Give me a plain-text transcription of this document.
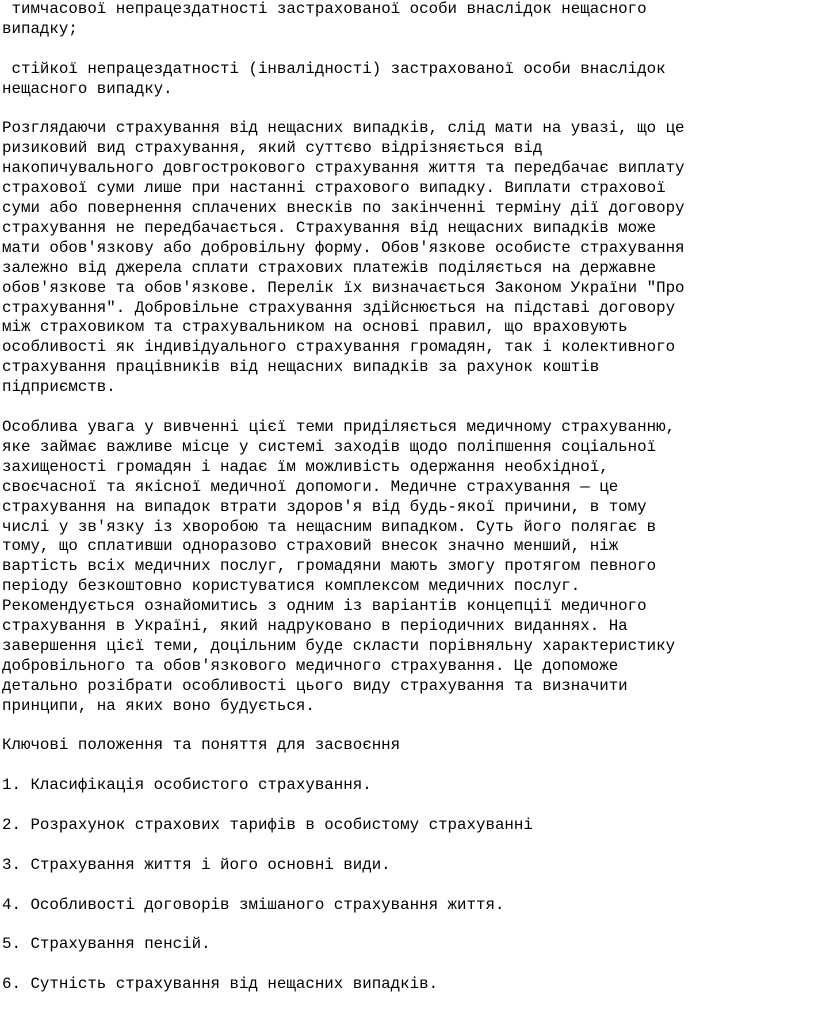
тимчасової непрацездатності застрахованої особи внаслідок нещасного
випадку;

стійкої непрацездатності (інвалідності) застрахованої особи внаслідок
нещасного випадку.

Розглядаючи страхування від нещасних випадків, слід мати на увазі, що це
ризиковий вид страхування, який суттєво відрізняється від
накопичувального довгострокового страхування життя та передбачає виплату
страхової суми лише при настанні страхового випадку. Виплати страхової
суми або повернення сплачених внесків по закінченні терміну дії договору
страхування не передбачається. Страхування від нещасних випадків може
мати обов'язкову або добровільну форму. Обов'язкове особисте страхування
залежно від джерела сплати страхових платежів поділяється на державне
обов'язкове та обов'язкове. Перелік їх визначається Законом України "Про
страхування". Добровільне страхування здійснюється на підставі договору
між страховиком та страхувальником на основі правил, що враховують
особливості як індивідуального страхування громадян, так і колективного
страхування працівників від нещасних випадків за рахунок коштів
підприємств.

Особлива увага у вивченні цієї теми приділяється медичному страхуванню,
яке займає важливе місце у системі заходів щодо поліпшення соціальної
захищеності громадян і надає їм можливість одержання необхідної,
своєчасної та якісної медичної допомоги. Медичне страхування — це
страхування на випадок втрати здоров'я від будь-якої причини, в тому
числі у зв'язку із хворобою та нещасним випадком. Суть його полягає в
тому, що сплативши одноразово страховий внесок значно менший, ніж
вартість всіх медичних послуг, громадяни мають змогу протягом певного
періоду безкоштовно користуватися комплексом медичних послуг.
Рекомендується ознайомитись з одним із варіантів концепції медичного
страхування в Україні, який надруковано в періодичних виданнях. На
завершення цієї теми, доцільним буде скласти порівняльну характеристику
добровільного та обов'язкового медичного страхування. Це допоможе
детально розібрати особливості цього виду страхування та визначити
принципи, на яких воно будується.

Ключові положення та поняття для засвоєння

1. Класифікація особистого страхування.

2. Розрахунок страхових тарифів в особистому страхуванні

3. Страхування життя і його основні види.

4. Особливості договорів змішаного страхування життя.

5. Страхування пенсій.

6. Сутність страхування від нещасних випадків.
